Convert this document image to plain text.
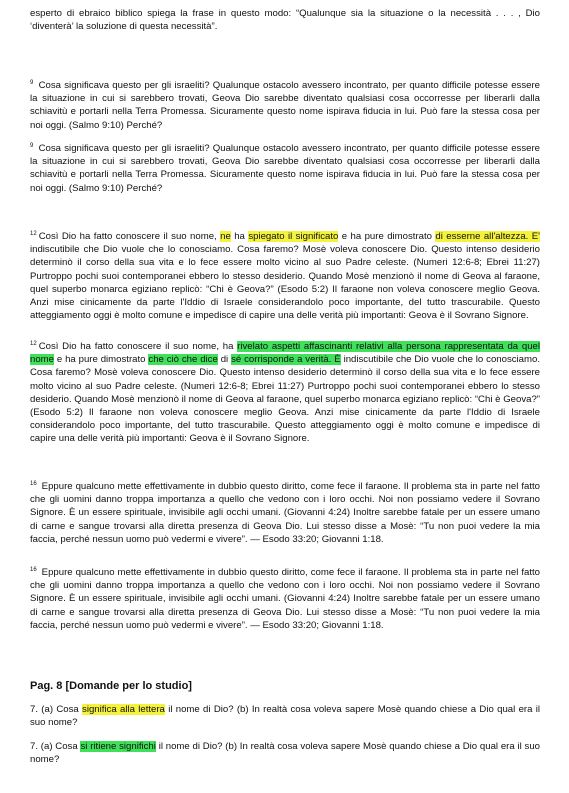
esperto di ebraico biblico spiega la frase in questo modo: “Qualunque sia la situazione o la necessità . . . , Dio ‘diventerà’ la soluzione di questa necessità”.
$^9$ Cosa significava questo per gli israeliti? Qualunque ostacolo avessero incontrato, per quanto difficile potesse essere la situazione in cui si sarebbero trovati, Geova Dio sarebbe diventato qualsiasi cosa occorresse per liberarli dalla schiavitù e portarli nella Terra Promessa. Sicuramente questo nome ispirava fiducia in lui. Può fare la stessa cosa per noi oggi. (Salmo 9:10) Perché?
$^9$ Cosa significava questo per gli israeliti? Qualunque ostacolo avessero incontrato, per quanto difficile potesse essere la situazione in cui si sarebbero trovati, Geova Dio sarebbe diventato qualsiasi cosa occorresse per liberarli dalla schiavitù e portarli nella Terra Promessa. Sicuramente questo nome ispirava fiducia in lui. Può fare la stessa cosa per noi oggi. (Salmo 9:10) Perché?
$^{12}$ Così Dio ha fatto conoscere il suo nome, ne ha spiegato il significato e ha pure dimostrato di esserne all'altezza. E' indiscutibile che Dio vuole che lo conosciamo. Cosa faremo? Mosè voleva conoscere Dio. Questo intenso desiderio determinò il corso della sua vita e lo fece essere molto vicino al suo Padre celeste. (Numeri 12:6-8; Ebrei 11:27) Purtroppo pochi suoi contemporanei ebbero lo stesso desiderio. Quando Mosè menzionò il nome di Geova al faraone, quel superbo monarca egiziano replicò: “Chi è Geova?” (Esodo 5:2) Il faraone non voleva conoscere meglio Geova. Anzi mise cinicamente da parte l'Iddio di Israele considerandolo poco importante, del tutto trascurabile. Questo atteggiamento oggi è molto comune e impedisce di capire una delle verità più importanti: Geova è il Sovrano Signore.
$^{12}$ Così Dio ha fatto conoscere il suo nome, ha rivelato aspetti affascinanti relativi alla persona rappresentata da quel nome e ha pure dimostrato che ciò che dice di sé corrisponde a verità. È indiscutibile che Dio vuole che lo conosciamo. Cosa faremo? Mosè voleva conoscere Dio. Questo intenso desiderio determinò il corso della sua vita e lo fece essere molto vicino al suo Padre celeste. (Numeri 12:6-8; Ebrei 11:27) Purtroppo pochi suoi contemporanei ebbero lo stesso desiderio. Quando Mosè menzionò il nome di Geova al faraone, quel superbo monarca egiziano replicò: “Chi è Geova?” (Esodo 5:2) Il faraone non voleva conoscere meglio Geova. Anzi mise cinicamente da parte l'Iddio di Israele considerandolo poco importante, del tutto trascurabile. Questo atteggiamento oggi è molto comune e impedisce di capire una delle verità più importanti: Geova è il Sovrano Signore.
$^{16}$ Eppure qualcuno mette effettivamente in dubbio questo diritto, come fece il faraone. Il problema sta in parte nel fatto che gli uomini danno troppa importanza a quello che vedono con i loro occhi. Noi non possiamo vedere il Sovrano Signore. È un essere spirituale, invisibile agli occhi umani. (Giovanni 4:24) Inoltre sarebbe fatale per un essere umano di carne e sangue trovarsi alla diretta presenza di Geova Dio. Lui stesso disse a Mosè: “Tu non puoi vedere la mia faccia, perché nessun uomo può vedermi e vivere”. — Esodo 33:20; Giovanni 1:18.
$^{16}$ Eppure qualcuno mette effettivamente in dubbio questo diritto, come fece il faraone. Il problema sta in parte nel fatto che gli uomini danno troppa importanza a quello che vedono con i loro occhi. Noi non possiamo vedere il Sovrano Signore. È un essere spirituale, invisibile agli occhi umani. (Giovanni 4:24) Inoltre sarebbe fatale per un essere umano di carne e sangue trovarsi alla diretta presenza di Geova Dio. Lui stesso disse a Mosè: “Tu non puoi vedere la mia faccia, perché nessun uomo può vedermi e vivere”. — Esodo 33:20; Giovanni 1:18.
Pag. 8 [Domande per lo studio]
7. (a) Cosa significa alla lettera il nome di Dio? (b) In realtà cosa voleva sapere Mosè quando chiese a Dio qual era il suo nome?
7. (a) Cosa si ritiene significhi il nome di Dio? (b) In realtà cosa voleva sapere Mosè quando chiese a Dio qual era il suo nome?
